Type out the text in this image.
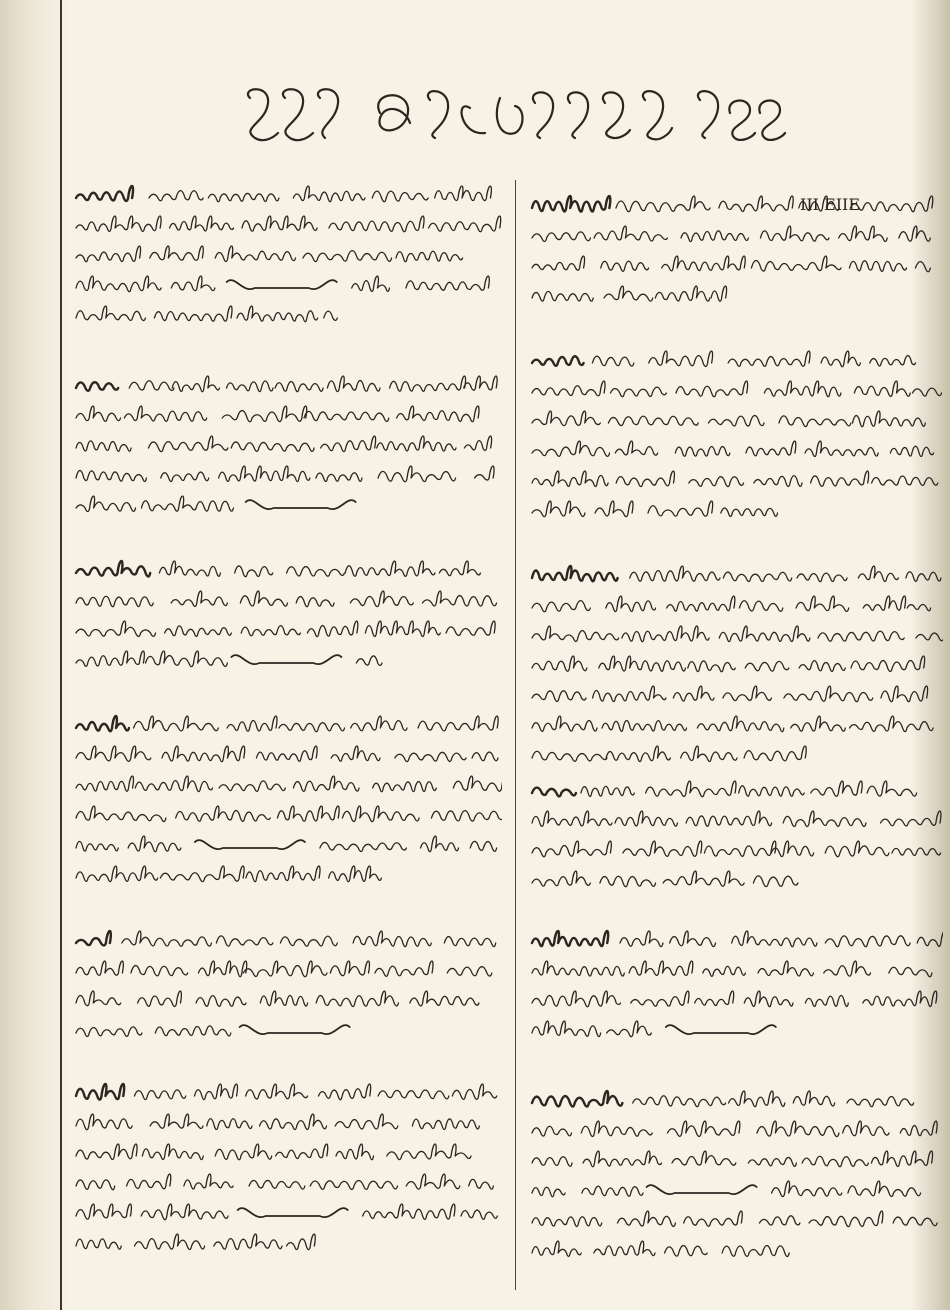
III EIIE
